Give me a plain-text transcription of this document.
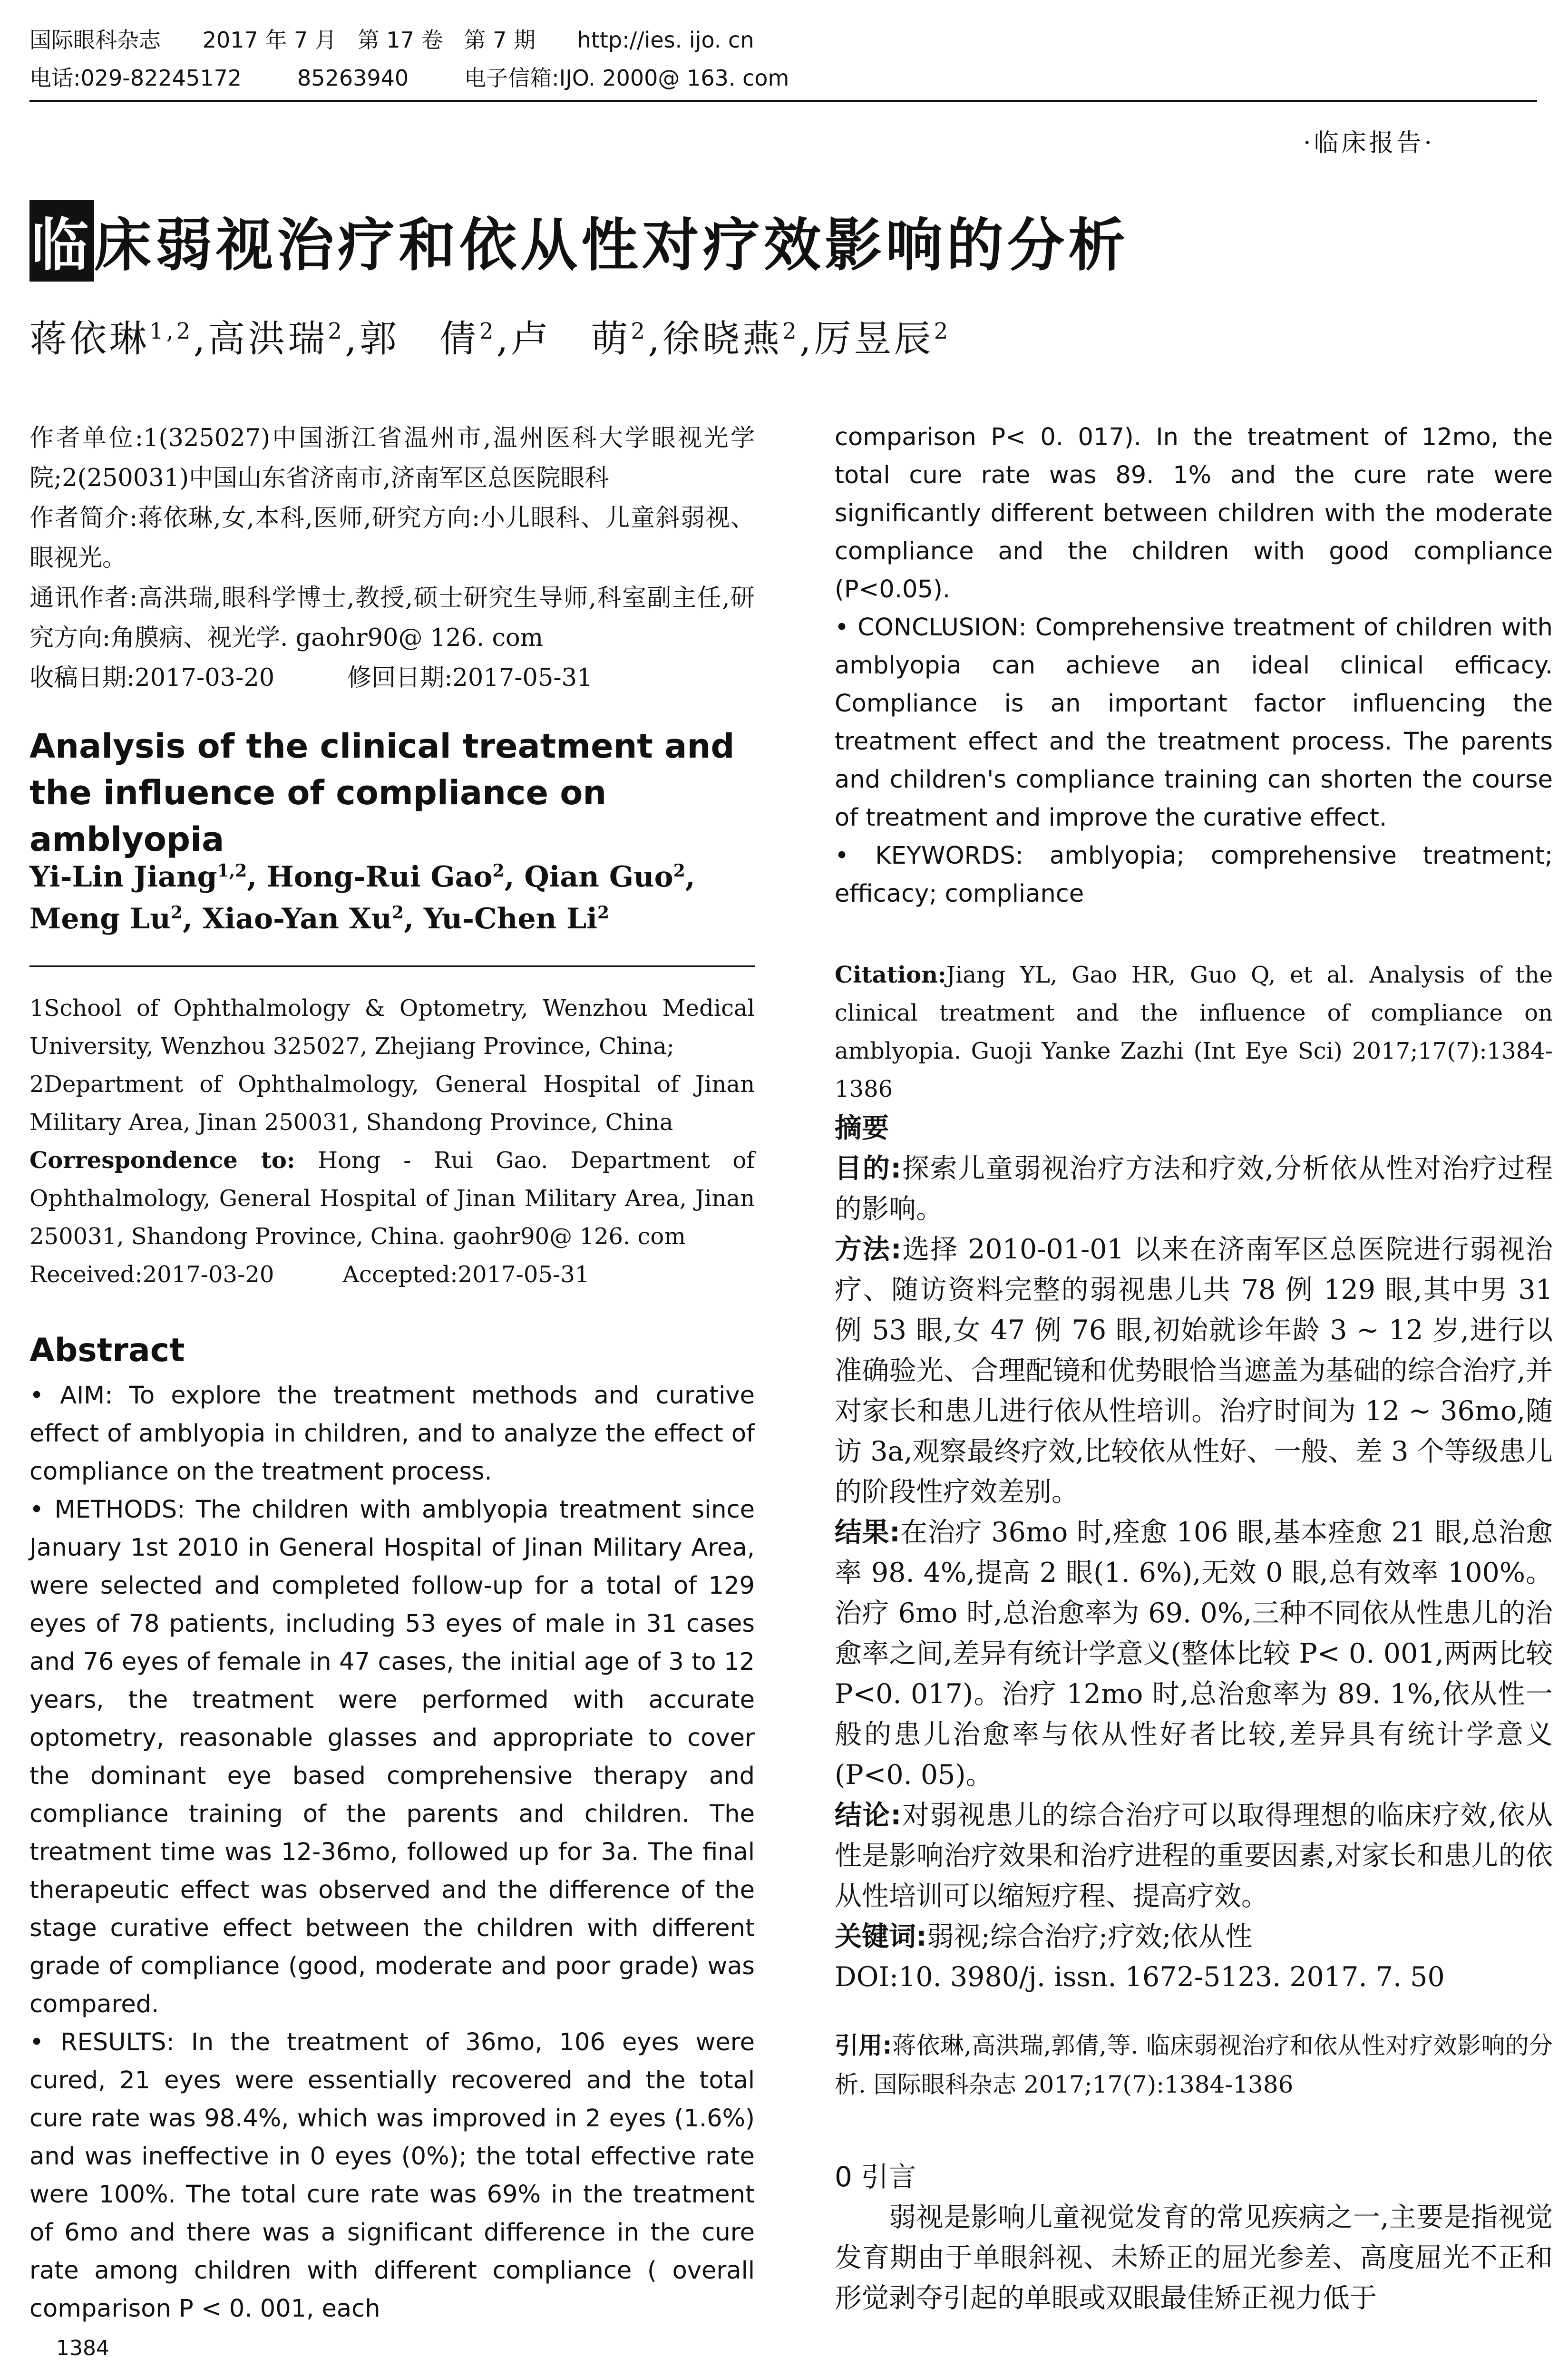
国际眼科杂志 2017 年 7 月   第 17 卷   第 7 期 http://ies. ijo. cn
电话:029-82245172	85263940	电子信箱:IJO. 2000@ 163. com
·临床报告·
临床弱视治疗和依从性对疗效影响的分析
蒋依琳$^{1,2}$,高洪瑞$^2$,郭　倩$^2$,卢　萌$^2$,徐晓燕$^2$,厉昱辰$^2$

作者单位:1(325027)中国浙江省温州市,温州医科大学眼视光学院;2(250031)中国山东省济南市,济南军区总医院眼科

作者简介:蒋依琳,女,本科,医师,研究方向:小儿眼科、儿童斜弱视、眼视光。

通讯作者:高洪瑞,眼科学博士,教授,硕士研究生导师,科室副主任,研究方向:角膜病、视光学. gaohr90@ 126. com

收稿日期:2017-03-20　　　修回日期:2017-05-31

Analysis of the clinical treatment and the influence of compliance on amblyopia
Yi-Lin Jiang$^{1,2}$, Hong-Rui Gao$^2$, Qian Guo$^2$, Meng Lu$^2$, Xiao-Yan Xu$^2$, Yu-Chen Li$^2$

1School of Ophthalmology & Optometry, Wenzhou Medical University, Wenzhou 325027, Zhejiang Province, China;

2Department of Ophthalmology, General Hospital of Jinan Military Area, Jinan 250031, Shandong Province, China

Correspondence to: Hong - Rui Gao. Department of Ophthalmology, General Hospital of Jinan Military Area, Jinan 250031, Shandong Province, China. gaohr90@ 126. com

Received:2017-03-20　　　Accepted:2017-05-31

Abstract

• AIM: To explore the treatment methods and curative effect of amblyopia in children, and to analyze the effect of compliance on the treatment process.

• METHODS: The children with amblyopia treatment since January 1st 2010 in General Hospital of Jinan Military Area, were selected and completed follow-up for a total of 129 eyes of 78 patients, including 53 eyes of male in 31 cases and 76 eyes of female in 47 cases, the initial age of 3 to 12 years, the treatment were performed with accurate optometry, reasonable glasses and appropriate to cover the dominant eye based comprehensive therapy and compliance training of the parents and children. The treatment time was 12-36mo, followed up for 3a. The final therapeutic effect was observed and the difference of the stage curative effect between the children with different grade of compliance (good, moderate and poor grade) was compared.

• RESULTS: In the treatment of 36mo, 106 eyes were cured, 21 eyes were essentially recovered and the total cure rate was 98.4%, which was improved in 2 eyes (1.6%) and was ineffective in 0 eyes (0%); the total effective rate were 100%. The total cure rate was 69% in the treatment of 6mo and there was a significant difference in the cure rate among children with different compliance ( overall comparison P < 0. 001, each

1384

comparison P< 0. 017). In the treatment of 12mo, the total cure rate was 89. 1% and the cure rate were significantly different between children with the moderate compliance and the children with good compliance (P<0.05).

• CONCLUSION: Comprehensive treatment of children with amblyopia can achieve an ideal clinical efficacy. Compliance is an important factor influencing the treatment effect and the treatment process. The parents and children's compliance training can shorten the course of treatment and improve the curative effect.

• KEYWORDS: amblyopia; comprehensive treatment; efficacy; compliance

Citation:Jiang YL, Gao HR, Guo Q, et al. Analysis of the clinical treatment and the influence of compliance on amblyopia. Guoji Yanke Zazhi (Int Eye Sci) 2017;17(7):1384-1386

摘要

目的:探索儿童弱视治疗方法和疗效,分析依从性对治疗过程的影响。

方法:选择 2010-01-01 以来在济南军区总医院进行弱视治疗、随访资料完整的弱视患儿共 78 例 129 眼,其中男 31 例 53 眼,女 47 例 76 眼,初始就诊年龄 3 ~ 12 岁,进行以准确验光、合理配镜和优势眼恰当遮盖为基础的综合治疗,并对家长和患儿进行依从性培训。治疗时间为 12 ~ 36mo,随访 3a,观察最终疗效,比较依从性好、一般、差 3 个等级患儿的阶段性疗效差别。

结果:在治疗 36mo 时,痊愈 106 眼,基本痊愈 21 眼,总治愈率 98. 4%,提高 2 眼(1. 6%),无效 0 眼,总有效率 100%。治疗 6mo 时,总治愈率为 69. 0%,三种不同依从性患儿的治愈率之间,差异有统计学意义(整体比较 P< 0. 001,两两比较 P<0. 017)。治疗 12mo 时,总治愈率为 89. 1%,依从性一般的患儿治愈率与依从性好者比较,差异具有统计学意义(P<0. 05)。

结论:对弱视患儿的综合治疗可以取得理想的临床疗效,依从性是影响治疗效果和治疗进程的重要因素,对家长和患儿的依从性培训可以缩短疗程、提高疗效。

关键词:弱视;综合治疗;疗效;依从性

DOI:10. 3980/j. issn. 1672-5123. 2017. 7. 50

引用:蒋依琳,高洪瑞,郭倩,等. 临床弱视治疗和依从性对疗效影响的分析. 国际眼科杂志 2017;17(7):1384-1386

0 引言
弱视是影响儿童视觉发育的常见疾病之一,主要是指视觉发育期由于单眼斜视、未矫正的屈光参差、高度屈光不正和形觉剥夺引起的单眼或双眼最佳矫正视力低于
